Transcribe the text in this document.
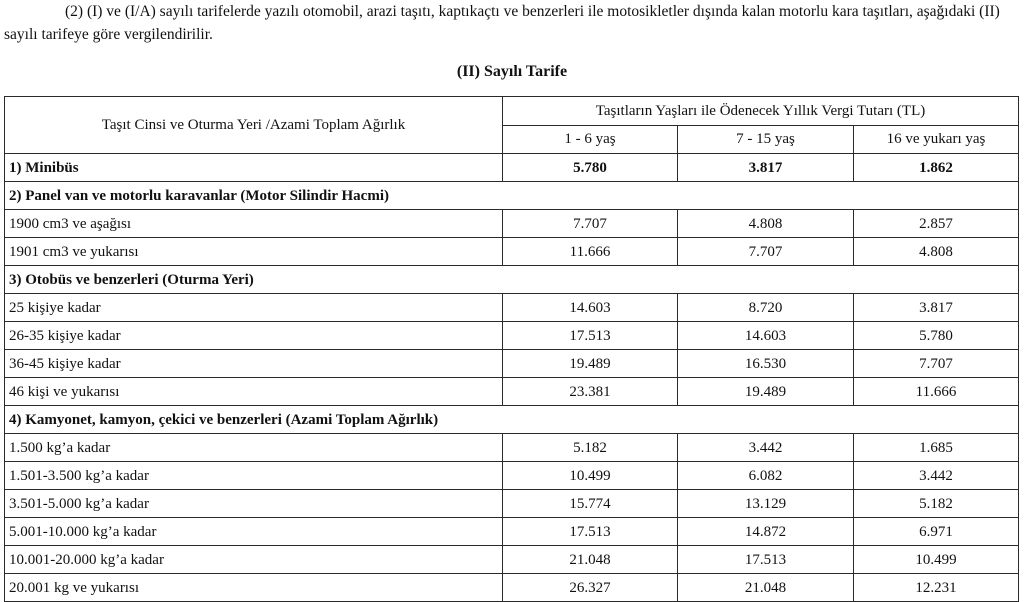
(2) (I) ve (I/A) sayılı tarifelerde yazılı otomobil, arazi taşıtı, kaptıkaçtı ve benzerleri ile motosikletler dışında kalan motorlu kara taşıtları, aşağıdaki (II) sayılı tarifeye göre vergilendirilir.

(II) Sayılı Tarife
Taşıt Cinsi ve Oturma Yeri /Azami Toplam Ağırlık	Taşıtların Yaşları ile Ödenecek Yıllık Vergi Tutarı (TL)		
	1 - 6 yaş	7 - 15 yaş	16 ve yukarı yaş
1) Minibüs	5.780	3.817	1.862
2) Panel van ve motorlu karavanlar (Motor Silindir Hacmi)			
1900 cm3 ve aşağısı	7.707	4.808	2.857
1901 cm3 ve yukarısı	11.666	7.707	4.808
3) Otobüs ve benzerleri (Oturma Yeri)			
25 kişiye kadar	14.603	8.720	3.817
26-35 kişiye kadar	17.513	14.603	5.780
36-45 kişiye kadar	19.489	16.530	7.707
46 kişi ve yukarısı	23.381	19.489	11.666
4) Kamyonet, kamyon, çekici ve benzerleri (Azami Toplam Ağırlık)			
1.500 kg’a kadar	5.182	3.442	1.685
1.501-3.500 kg’a kadar	10.499	6.082	3.442
3.501-5.000 kg’a kadar	15.774	13.129	5.182
5.001-10.000 kg’a kadar	17.513	14.872	6.971
10.001-20.000 kg’a kadar	21.048	17.513	10.499
20.001 kg ve yukarısı	26.327	21.048	12.231
